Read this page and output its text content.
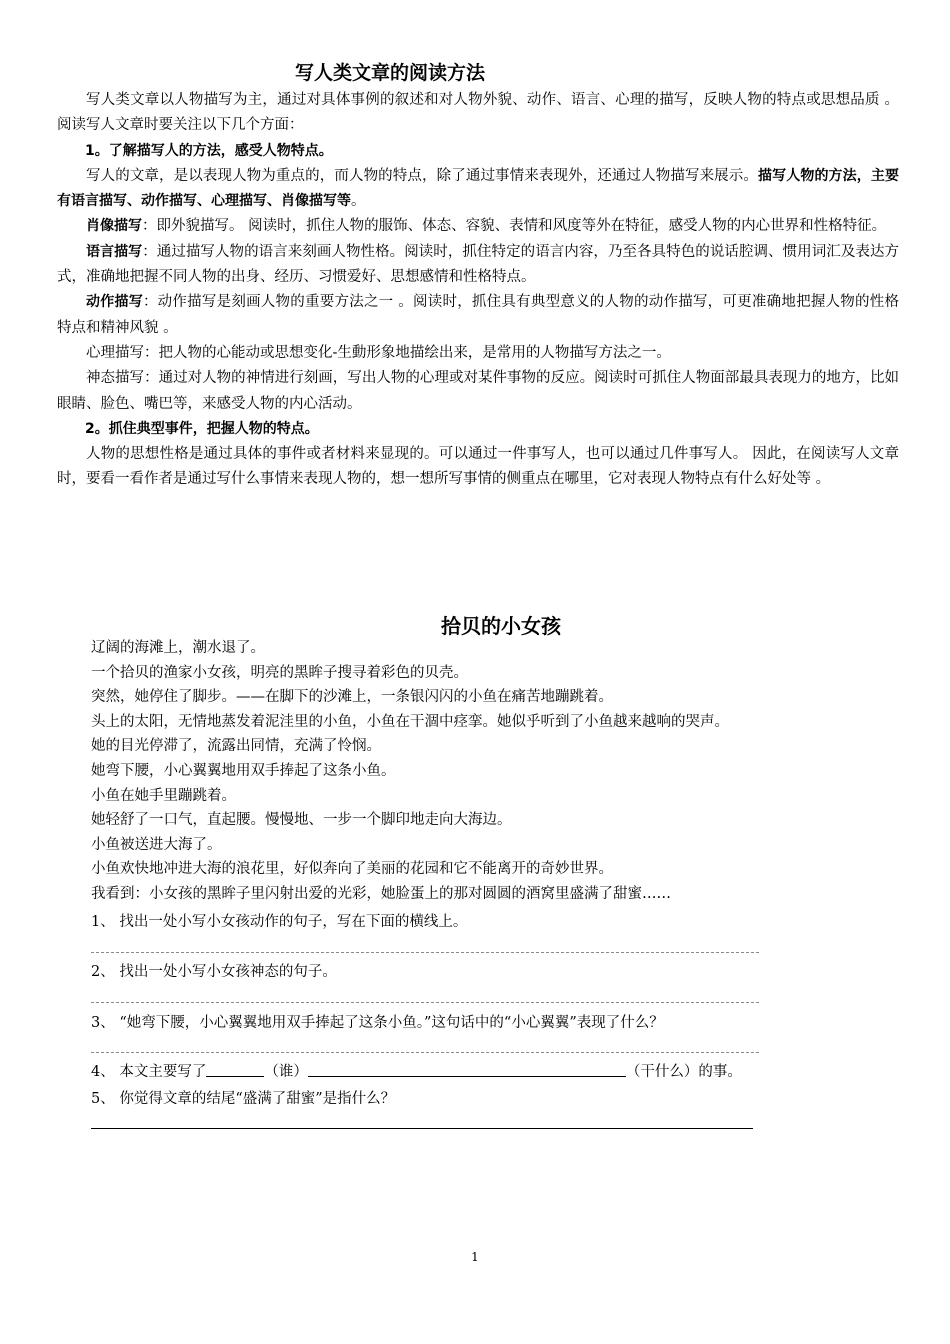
写人类文章的阅读方法

写人类文章以人物描写为主，通过对具体事例的叙述和对人物外貌、动作、语言、心理的描写，反映人物的特点或思想品质 。阅读写人文章时要关注以下几个方面：

1。了解描写人的方法，感受人物特点。

写人的文章，是以表现人物为重点的，而人物的特点，除了通过事情来表现外，还通过人物描写来展示。描写人物的方法，主要有语言描写、动作描写、心理描写、肖像描写等。

肖像描写：即外貌描写。 阅读时，抓住人物的服饰、体态、容貌、表情和风度等外在特征，感受人物的内心世界和性格特征。

语言描写：通过描写人物的语言来刻画人物性格。阅读时，抓住特定的语言内容，乃至各具特色的说话腔调、惯用词汇及表达方式，准确地把握不同人物的出身、经历、习惯爱好、思想感情和性格特点。

动作描写：动作描写是刻画人物的重要方法之一 。阅读时，抓住具有典型意义的人物的动作描写，可更准确地把握人物的性格特点和精神风貌 。

心理描写：把人物的心能动或思想变化-生動形象地描绘出来，是常用的人物描写方法之一。

神态描写：通过对人物的神情进行刻画，写出人物的心理或对某件事物的反应。阅读时可抓住人物面部最具表现力的地方，比如眼睛、脸色、嘴巴等，来感受人物的内心活动。

2。抓住典型事件，把握人物的特点。

人物的思想性格是通过具体的事件或者材料来显现的。可以通过一件事写人，也可以通过几件事写人。 因此，在阅读写人文章时，要看一看作者是通过写什么事情来表现人物的，想一想所写事情的侧重点在哪里，它对表现人物特点有什么好处等 。

拾贝的小女孩

辽阔的海滩上，潮水退了。

一个拾贝的渔家小女孩，明亮的黑眸子搜寻着彩色的贝壳。

突然，她停住了脚步。——在脚下的沙滩上，一条银闪闪的小鱼在痛苦地蹦跳着。

头上的太阳，无情地蒸发着泥洼里的小鱼，小鱼在干涸中痉挛。她似乎听到了小鱼越来越响的哭声。

她的目光停滞了，流露出同情，充满了怜悯。

她弯下腰，小心翼翼地用双手捧起了这条小鱼。

小鱼在她手里蹦跳着。

她轻舒了一口气，直起腰。慢慢地、一步一个脚印地走向大海边。

小鱼被送进大海了。

小鱼欢快地冲进大海的浪花里，好似奔向了美丽的花园和它不能离开的奇妙世界。

我看到：小女孩的黑眸子里闪射出爱的光彩，她脸蛋上的那对圆圆的酒窝里盛满了甜蜜……

1、 找出一处小写小女孩动作的句子，写在下面的横线上。
2、 找出一处小写小女孩神态的句子。
3、 “她弯下腰，小心翼翼地用双手捧起了这条小鱼。”这句话中的“小心翼翼”表现了什么？
4、 本文主要写了	（谁）	（干什么）的事。
5、 你觉得文章的结尾“盛满了甜蜜”是指什么？
1
